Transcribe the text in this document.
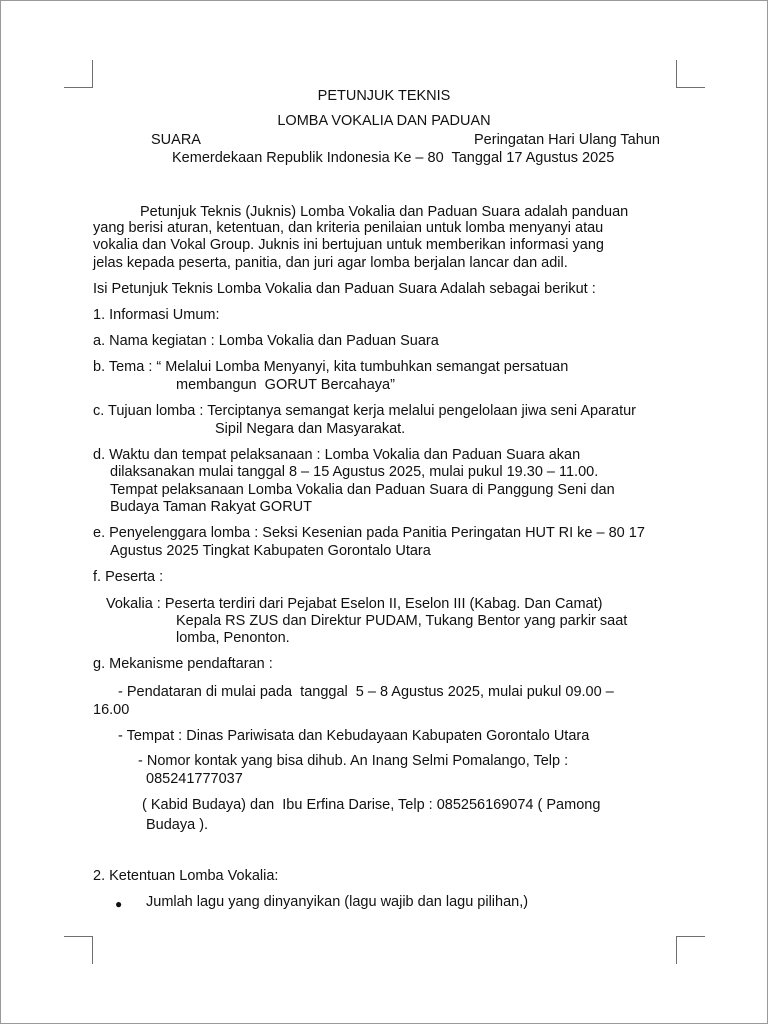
PETUNJUK TEKNIS
LOMBA VOKALIA DAN PADUAN
SUARA	Peringatan Hari Ulang Tahun
Kemerdekaan Republik Indonesia Ke – 80  Tanggal 17 Agustus 2025
Petunjuk Teknis (Juknis) Lomba Vokalia dan Paduan Suara adalah panduan
yang berisi aturan, ketentuan, dan kriteria penilaian untuk lomba menyanyi atau
vokalia dan Vokal Group. Juknis ini bertujuan untuk memberikan informasi yang
jelas kepada peserta, panitia, dan juri agar lomba berjalan lancar dan adil.
Isi Petunjuk Teknis Lomba Vokalia dan Paduan Suara Adalah sebagai berikut :
1. Informasi Umum:
a. Nama kegiatan : Lomba Vokalia dan Paduan Suara
b. Tema : “ Melalui Lomba Menyanyi, kita tumbuhkan semangat persatuan
membangun  GORUT Bercahaya”
c. Tujuan lomba : Terciptanya semangat kerja melalui pengelolaan jiwa seni Aparatur
Sipil Negara dan Masyarakat.
d. Waktu dan tempat pelaksanaan : Lomba Vokalia dan Paduan Suara akan
dilaksanakan mulai tanggal 8 – 15 Agustus 2025, mulai pukul 19.30 – 11.00.
Tempat pelaksanaan Lomba Vokalia dan Paduan Suara di Panggung Seni dan
Budaya Taman Rakyat GORUT
e. Penyelenggara lomba : Seksi Kesenian pada Panitia Peringatan HUT RI ke – 80 17
Agustus 2025 Tingkat Kabupaten Gorontalo Utara
f. Peserta :
Vokalia : Peserta terdiri dari Pejabat Eselon II, Eselon III (Kabag. Dan Camat)
Kepala RS ZUS dan Direktur PUDAM, Tukang Bentor yang parkir saat
lomba, Penonton.
g. Mekanisme pendaftaran :
- Pendataran di mulai pada  tanggal  5 – 8 Agustus 2025, mulai pukul 09.00 –
16.00
- Tempat : Dinas Pariwisata dan Kebudayaan Kabupaten Gorontalo Utara
- Nomor kontak yang bisa dihub. An Inang Selmi Pomalango, Telp :
085241777037
( Kabid Budaya) dan  Ibu Erfina Darise, Telp : 085256169074 ( Pamong
Budaya ).
2. Ketentuan Lomba Vokalia:
● Jumlah lagu yang dinyanyikan (lagu wajib dan lagu pilihan,)
